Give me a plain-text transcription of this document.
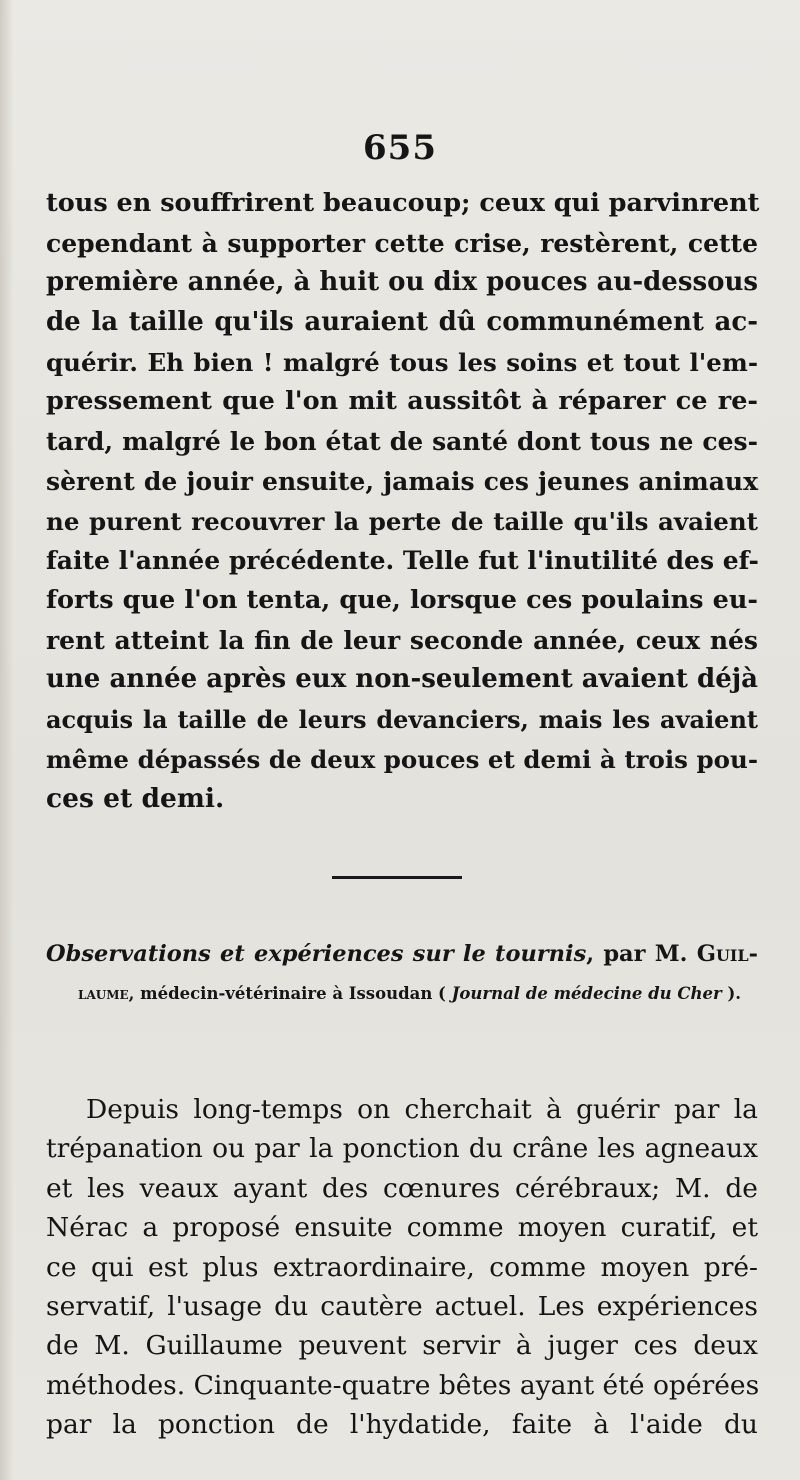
655
tous en souffrirent beaucoup; ceux qui parvinrent
cependant à supporter cette crise, restèrent, cette
première année, à huit ou dix pouces au-dessous
de la taille qu'ils auraient dû communément ac-
quérir. Eh bien ! malgré tous les soins et tout l'em-
pressement que l'on mit aussitôt à réparer ce re-
tard, malgré le bon état de santé dont tous ne ces-
sèrent de jouir ensuite, jamais ces jeunes animaux
ne purent recouvrer la perte de taille qu'ils avaient
faite l'année précédente. Telle fut l'inutilité des ef-
forts que l'on tenta, que, lorsque ces poulains eu-
rent atteint la fin de leur seconde année, ceux nés
une année après eux non-seulement avaient déjà
acquis la taille de leurs devanciers, mais les avaient
même dépassés de deux pouces et demi à trois pou-
ces et demi.
Observations et expériences sur le tournis, par M. Guil-
laume, médecin-vétérinaire à Issoudan ( Journal de médecine du Cher ).
Depuis long-temps on cherchait à guérir par la
trépanation ou par la ponction du crâne les agneaux
et les veaux ayant des cœnures cérébraux; M. de
Nérac a proposé ensuite comme moyen curatif, et
ce qui est plus extraordinaire, comme moyen pré-
servatif, l'usage du cautère actuel. Les expériences
de M. Guillaume peuvent servir à juger ces deux
méthodes. Cinquante-quatre bêtes ayant été opérées
par la ponction de l'hydatide, faite à l'aide du
